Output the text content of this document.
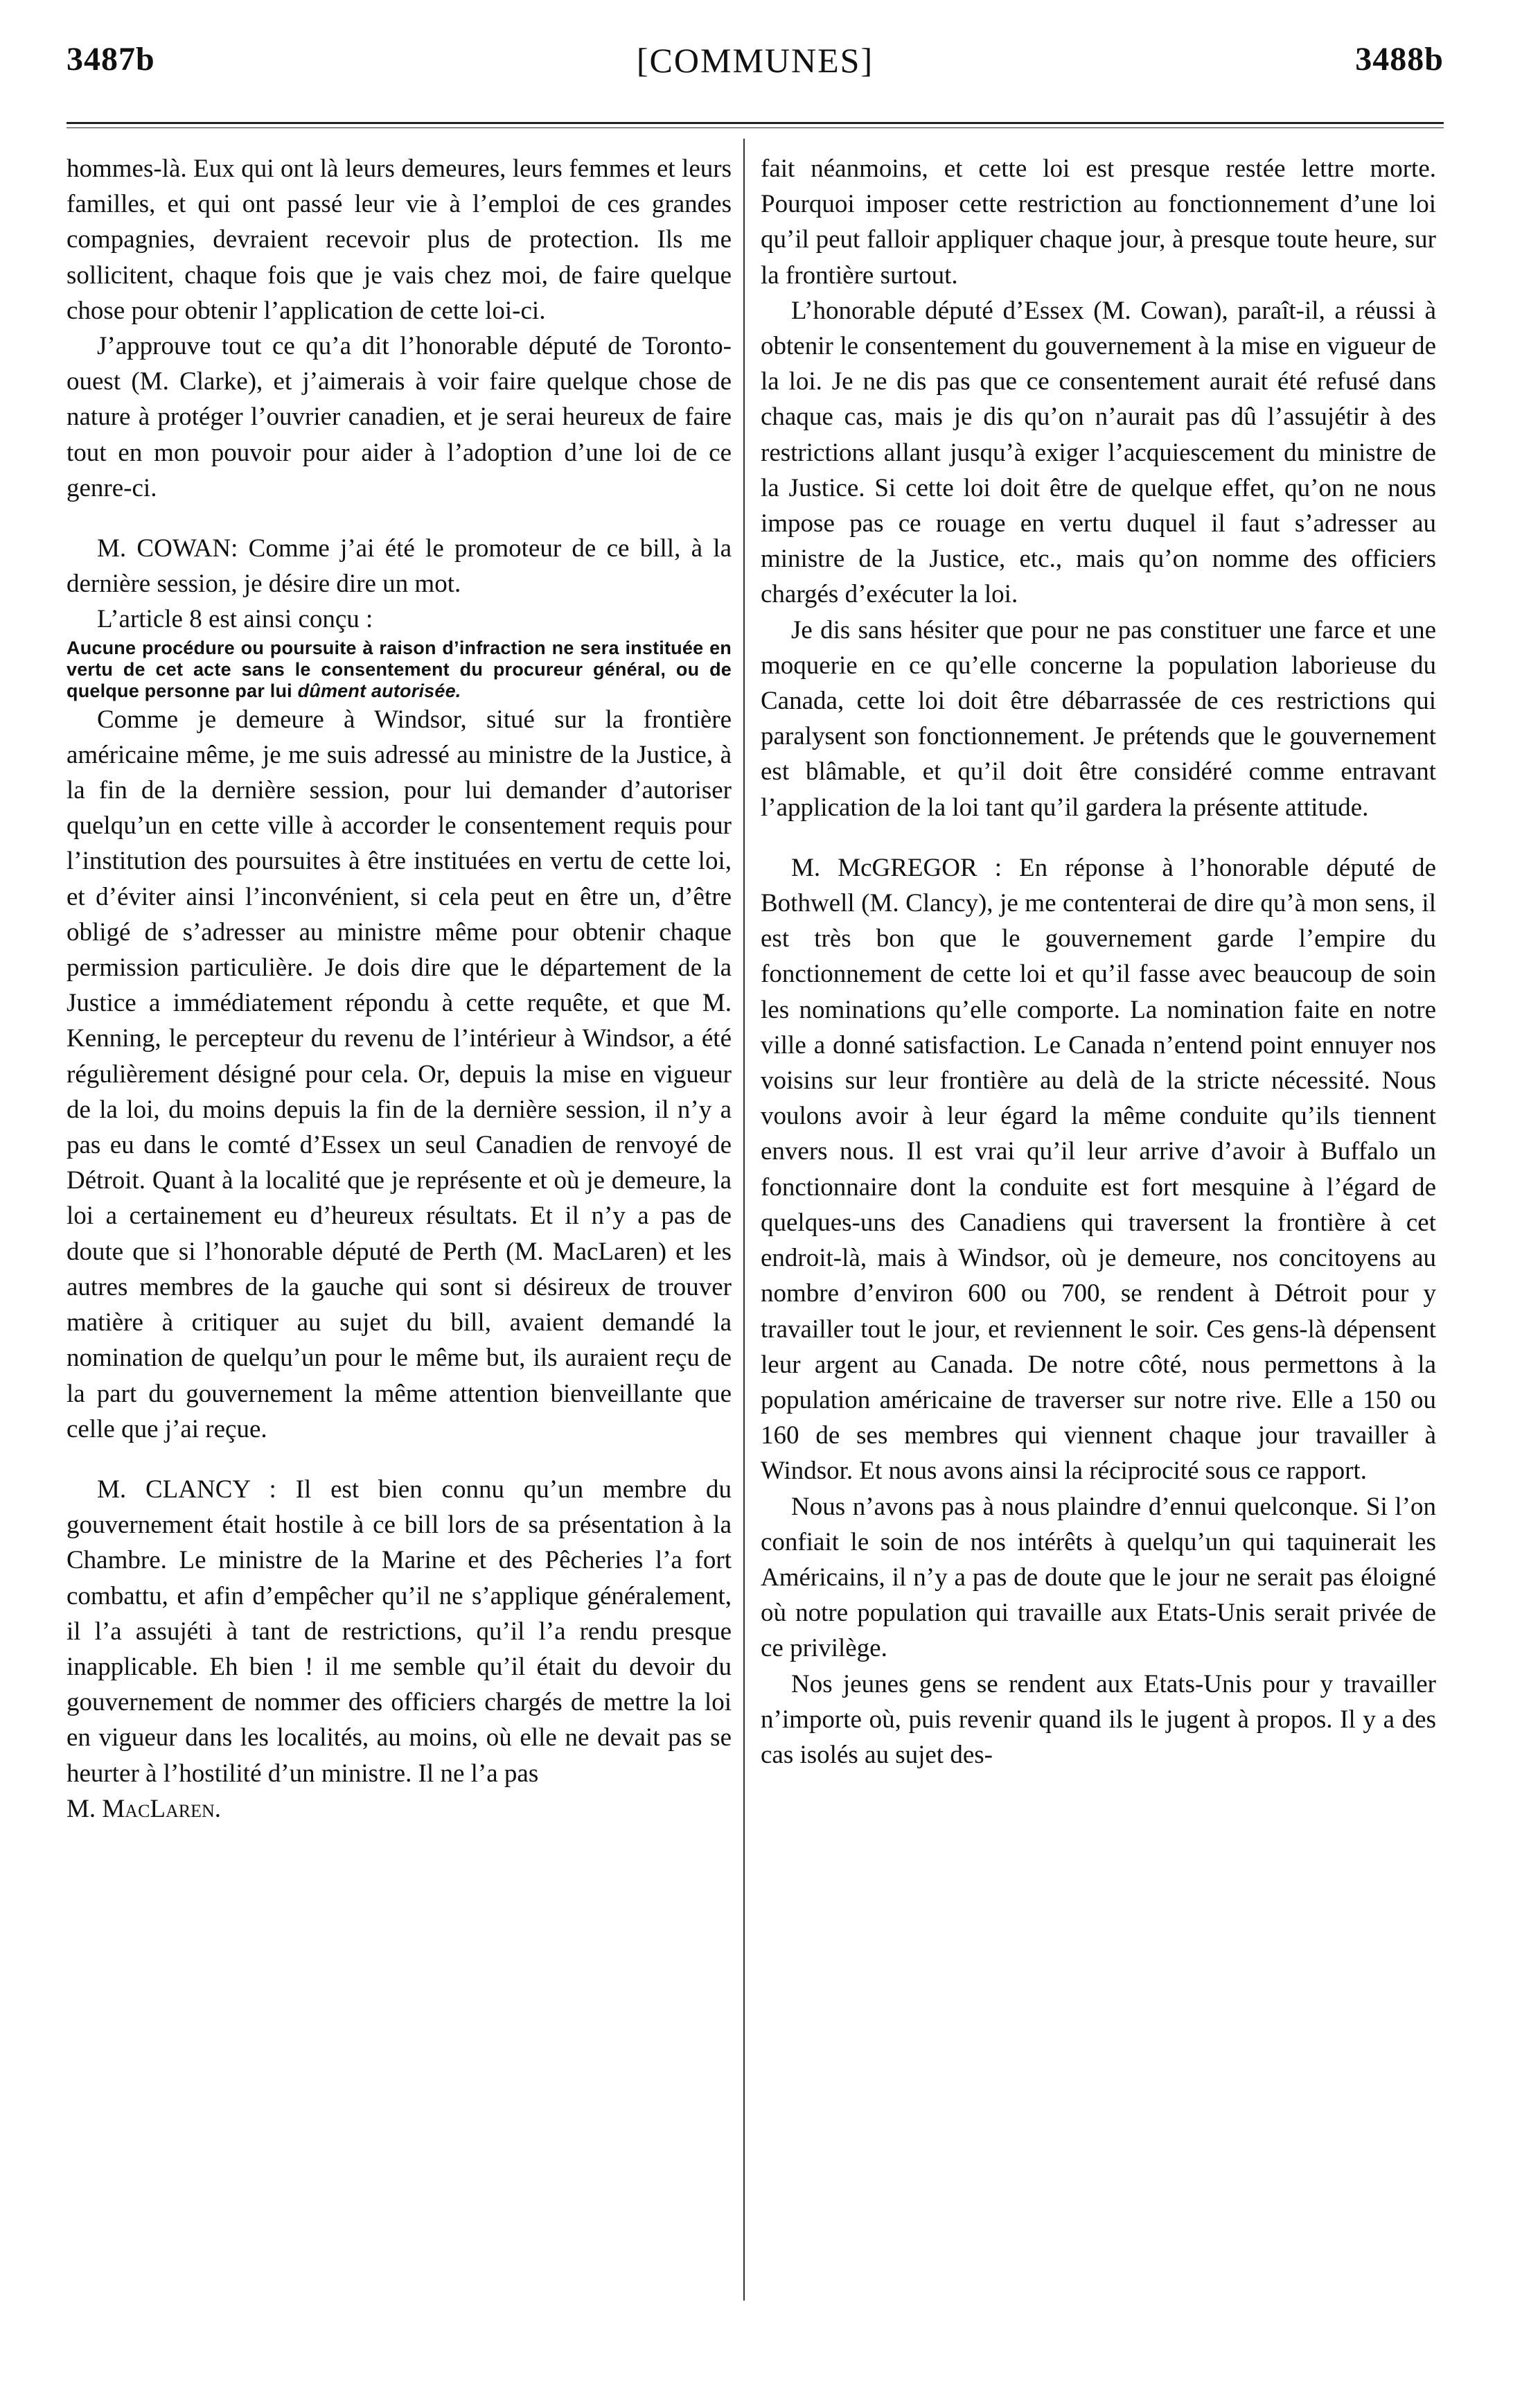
3487b	[COMMUNES]	3488b

hommes-là. Eux qui ont là leurs demeures, leurs femmes et leurs familles, et qui ont passé leur vie à l’emploi de ces grandes compagnies, devraient recevoir plus de protection. Ils me sollicitent, chaque fois que je vais chez moi, de faire quelque chose pour obtenir l’application de cette loi-ci.

J’approuve tout ce qu’a dit l’honorable député de Toronto-ouest (M. Clarke), et j’aimerais à voir faire quelque chose de nature à protéger l’ouvrier canadien, et je serai heureux de faire tout en mon pouvoir pour aider à l’adoption d’une loi de ce genre-ci.

M. COWAN: Comme j’ai été le promoteur de ce bill, à la dernière session, je désire dire un mot.

L’article 8 est ainsi conçu :

Aucune procédure ou poursuite à raison d’infraction ne sera instituée en vertu de cet acte sans le consentement du procureur général, ou de quelque personne par lui dûment autorisée.

Comme je demeure à Windsor, situé sur la frontière américaine même, je me suis adressé au ministre de la Justice, à la fin de la dernière session, pour lui demander d’autoriser quelqu’un en cette ville à accorder le consentement requis pour l’institution des poursuites à être instituées en vertu de cette loi, et d’éviter ainsi l’inconvénient, si cela peut en être un, d’être obligé de s’adresser au ministre même pour obtenir chaque permission particulière. Je dois dire que le département de la Justice a immédiatement répondu à cette requête, et que M. Kenning, le percepteur du revenu de l’intérieur à Windsor, a été régulièrement désigné pour cela. Or, depuis la mise en vigueur de la loi, du moins depuis la fin de la dernière session, il n’y a pas eu dans le comté d’Essex un seul Canadien de renvoyé de Détroit. Quant à la localité que je représente et où je demeure, la loi a certainement eu d’heureux résultats. Et il n’y a pas de doute que si l’honorable député de Perth (M. MacLaren) et les autres membres de la gauche qui sont si désireux de trouver matière à critiquer au sujet du bill, avaient demandé la nomination de quelqu’un pour le même but, ils auraient reçu de la part du gouvernement la même attention bienveillante que celle que j’ai reçue.

M. CLANCY : Il est bien connu qu’un membre du gouvernement était hostile à ce bill lors de sa présentation à la Chambre. Le ministre de la Marine et des Pêcheries l’a fort combattu, et afin d’empêcher qu’il ne s’applique généralement, il l’a assujéti à tant de restrictions, qu’il l’a rendu presque inapplicable. Eh bien ! il me semble qu’il était du devoir du gouvernement de nommer des officiers chargés de mettre la loi en vigueur dans les localités, au moins, où elle ne devait pas se heurter à l’hostilité d’un ministre. Il ne l’a pas

M. MacLaren.

fait néanmoins, et cette loi est presque restée lettre morte. Pourquoi imposer cette restriction au fonctionnement d’une loi qu’il peut falloir appliquer chaque jour, à presque toute heure, sur la frontière surtout.

L’honorable député d’Essex (M. Cowan), paraît-il, a réussi à obtenir le consentement du gouvernement à la mise en vigueur de la loi. Je ne dis pas que ce consentement aurait été refusé dans chaque cas, mais je dis qu’on n’aurait pas dû l’assujétir à des restrictions allant jusqu’à exiger l’acquiescement du ministre de la Justice. Si cette loi doit être de quelque effet, qu’on ne nous impose pas ce rouage en vertu duquel il faut s’adresser au ministre de la Justice, etc., mais qu’on nomme des officiers chargés d’exécuter la loi.

Je dis sans hésiter que pour ne pas constituer une farce et une moquerie en ce qu’elle concerne la population laborieuse du Canada, cette loi doit être débarrassée de ces restrictions qui paralysent son fonctionnement. Je prétends que le gouvernement est blâmable, et qu’il doit être considéré comme entravant l’application de la loi tant qu’il gardera la présente attitude.

M. McGREGOR : En réponse à l’honorable député de Bothwell (M. Clancy), je me contenterai de dire qu’à mon sens, il est très bon que le gouvernement garde l’empire du fonctionnement de cette loi et qu’il fasse avec beaucoup de soin les nominations qu’elle comporte. La nomination faite en notre ville a donné satisfaction. Le Canada n’entend point ennuyer nos voisins sur leur frontière au delà de la stricte nécessité. Nous voulons avoir à leur égard la même conduite qu’ils tiennent envers nous. Il est vrai qu’il leur arrive d’avoir à Buffalo un fonctionnaire dont la conduite est fort mesquine à l’égard de quelques-uns des Canadiens qui traversent la frontière à cet endroit-là, mais à Windsor, où je demeure, nos concitoyens au nombre d’environ 600 ou 700, se rendent à Détroit pour y travailler tout le jour, et reviennent le soir. Ces gens-là dépensent leur argent au Canada. De notre côté, nous permettons à la population américaine de traverser sur notre rive. Elle a 150 ou 160 de ses membres qui viennent chaque jour travailler à Windsor. Et nous avons ainsi la réciprocité sous ce rapport.

Nous n’avons pas à nous plaindre d’ennui quelconque. Si l’on confiait le soin de nos intérêts à quelqu’un qui taquinerait les Américains, il n’y a pas de doute que le jour ne serait pas éloigné où notre population qui travaille aux Etats-Unis serait privée de ce privilège.

Nos jeunes gens se rendent aux Etats-Unis pour y travailler n’importe où, puis revenir quand ils le jugent à propos. Il y a des cas isolés au sujet des-
